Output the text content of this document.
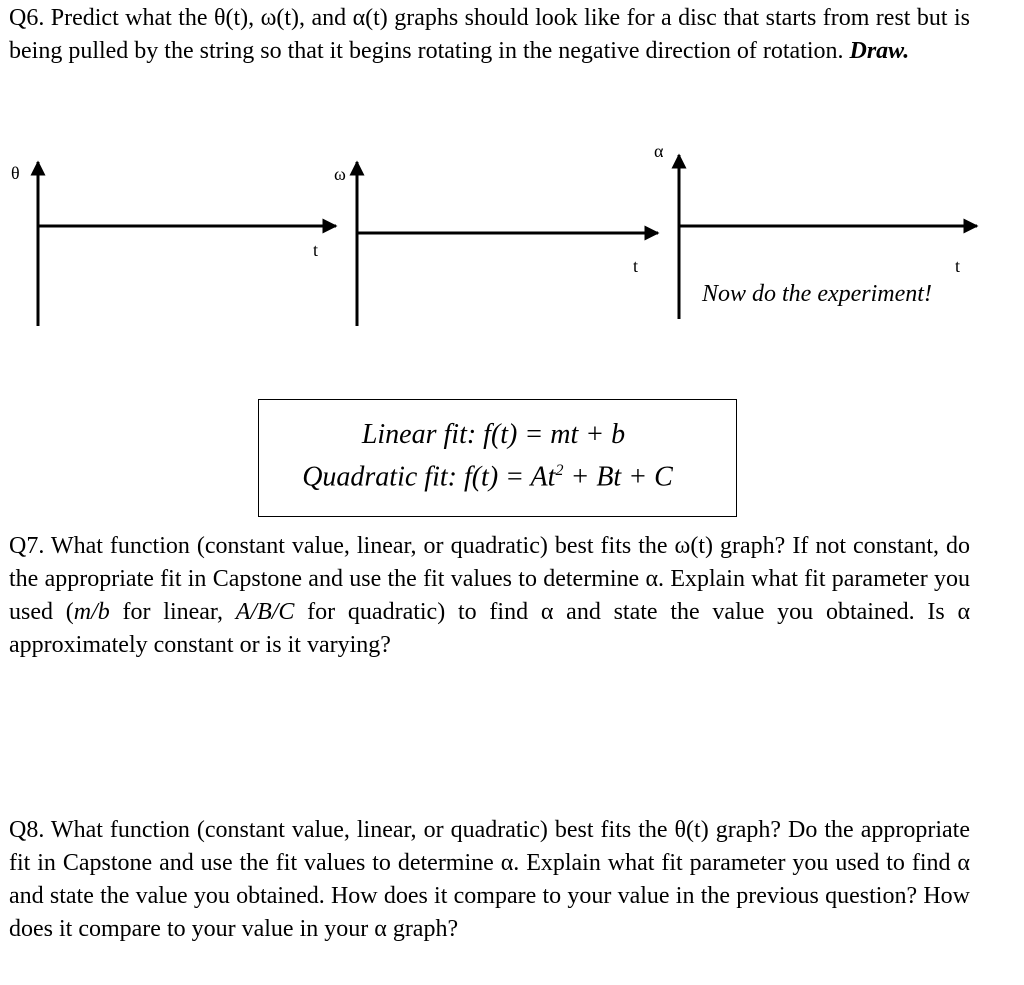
Q6. Predict what the θ(t), ω(t), and α(t) graphs should look like for a disc that starts from rest but is being pulled by the string so that it begins rotating in the negative direction of rotation. Draw.

θ
t
ω
t
α
t
Now do the experiment!
Linear fit: f(t) = mt + b
Quadratic fit: $f(t) = At^2 + Bt + C$

Q7. What function (constant value, linear, or quadratic) best fits the ω(t) graph? If not constant, do the appropriate fit in Capstone and use the fit values to determine α. Explain what fit parameter you used (m/b for linear, A/B/C for quadratic) to find α and state the value you obtained. Is α approximately constant or is it varying?

Q8. What function (constant value, linear, or quadratic) best fits the θ(t) graph? Do the appropriate fit in Capstone and use the fit values to determine α. Explain what fit parameter you used to find α and state the value you obtained. How does it compare to your value in the previous question? How does it compare to your value in your α graph?
